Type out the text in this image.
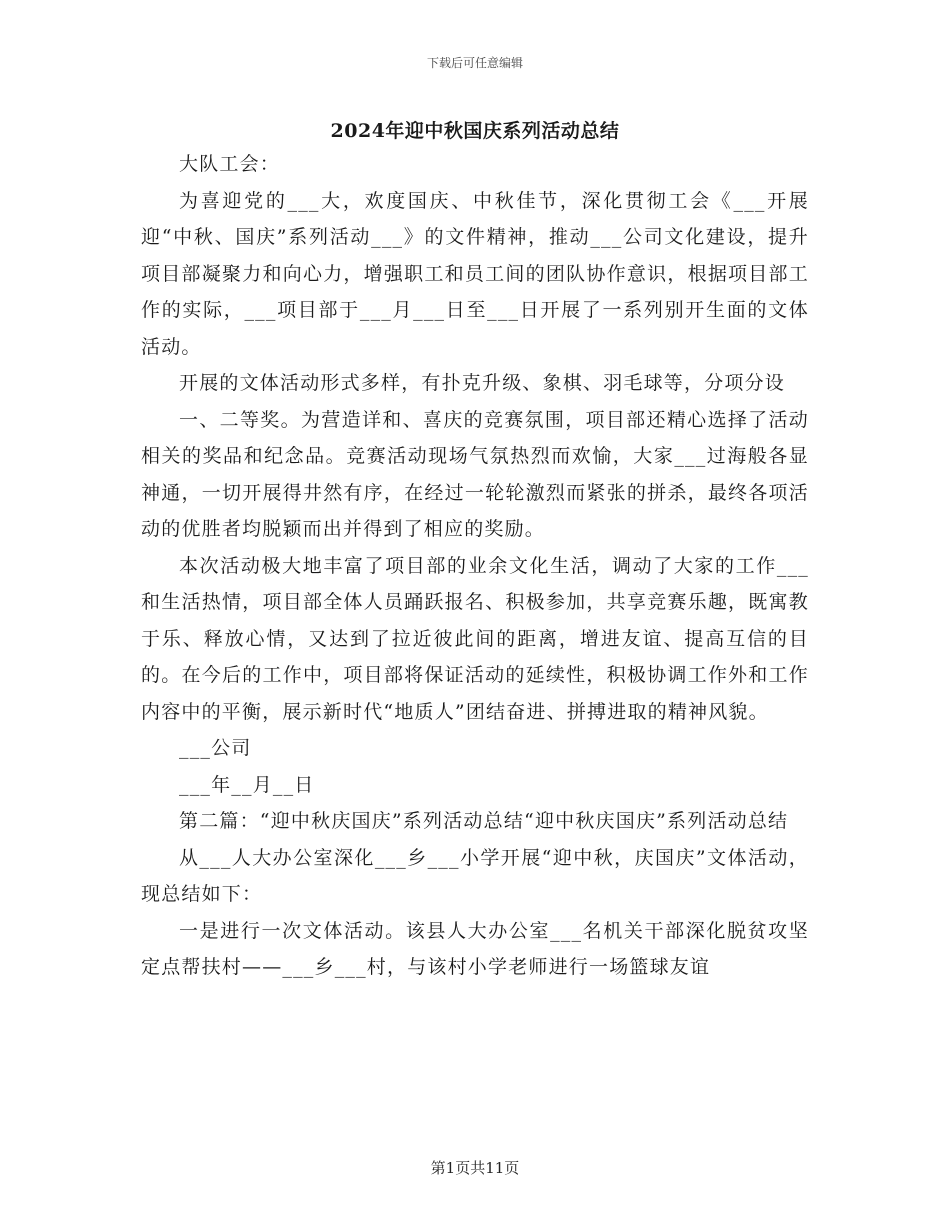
下载后可任意编辑
2024年迎中秋国庆系列活动总结

大队工会：

为喜迎党的___大，欢度国庆、中秋佳节，深化贯彻工会《___开展迎“中秋、国庆”系列活动___》的文件精神，推动___公司文化建设，提升项目部凝聚力和向心力，增强职工和员工间的团队协作意识，根据项目部工作的实际，___项目部于___月___日至___日开展了一系列别开生面的文体活动。

开展的文体活动形式多样，有扑克升级、象棋、羽毛球等，分项分设

一、二等奖。为营造详和、喜庆的竞赛氛围，项目部还精心选择了活动相关的奖品和纪念品。竞赛活动现场气氛热烈而欢愉，大家___过海般各显神通，一切开展得井然有序，在经过一轮轮激烈而紧张的拼杀，最终各项活动的优胜者均脱颖而出并得到了相应的奖励。

本次活动极大地丰富了项目部的业余文化生活，调动了大家的工作___和生活热情，项目部全体人员踊跃报名、积极参加，共享竞赛乐趣，既寓教于乐、释放心情，又达到了拉近彼此间的距离，增进友谊、提高互信的目的。在今后的工作中，项目部将保证活动的延续性，积极协调工作外和工作内容中的平衡，展示新时代“地质人”团结奋进、拼搏进取的精神风貌。

___公司

___年__月__日

第二篇：“迎中秋庆国庆”系列活动总结“迎中秋庆国庆”系列活动总结

从___人大办公室深化___乡___小学开展“迎中秋，庆国庆”文体活动，现总结如下：

一是进行一次文体活动。该县人大办公室___名机关干部深化脱贫攻坚定点帮扶村——___乡___村，与该村小学老师进行一场篮球友谊

第1页共11页
